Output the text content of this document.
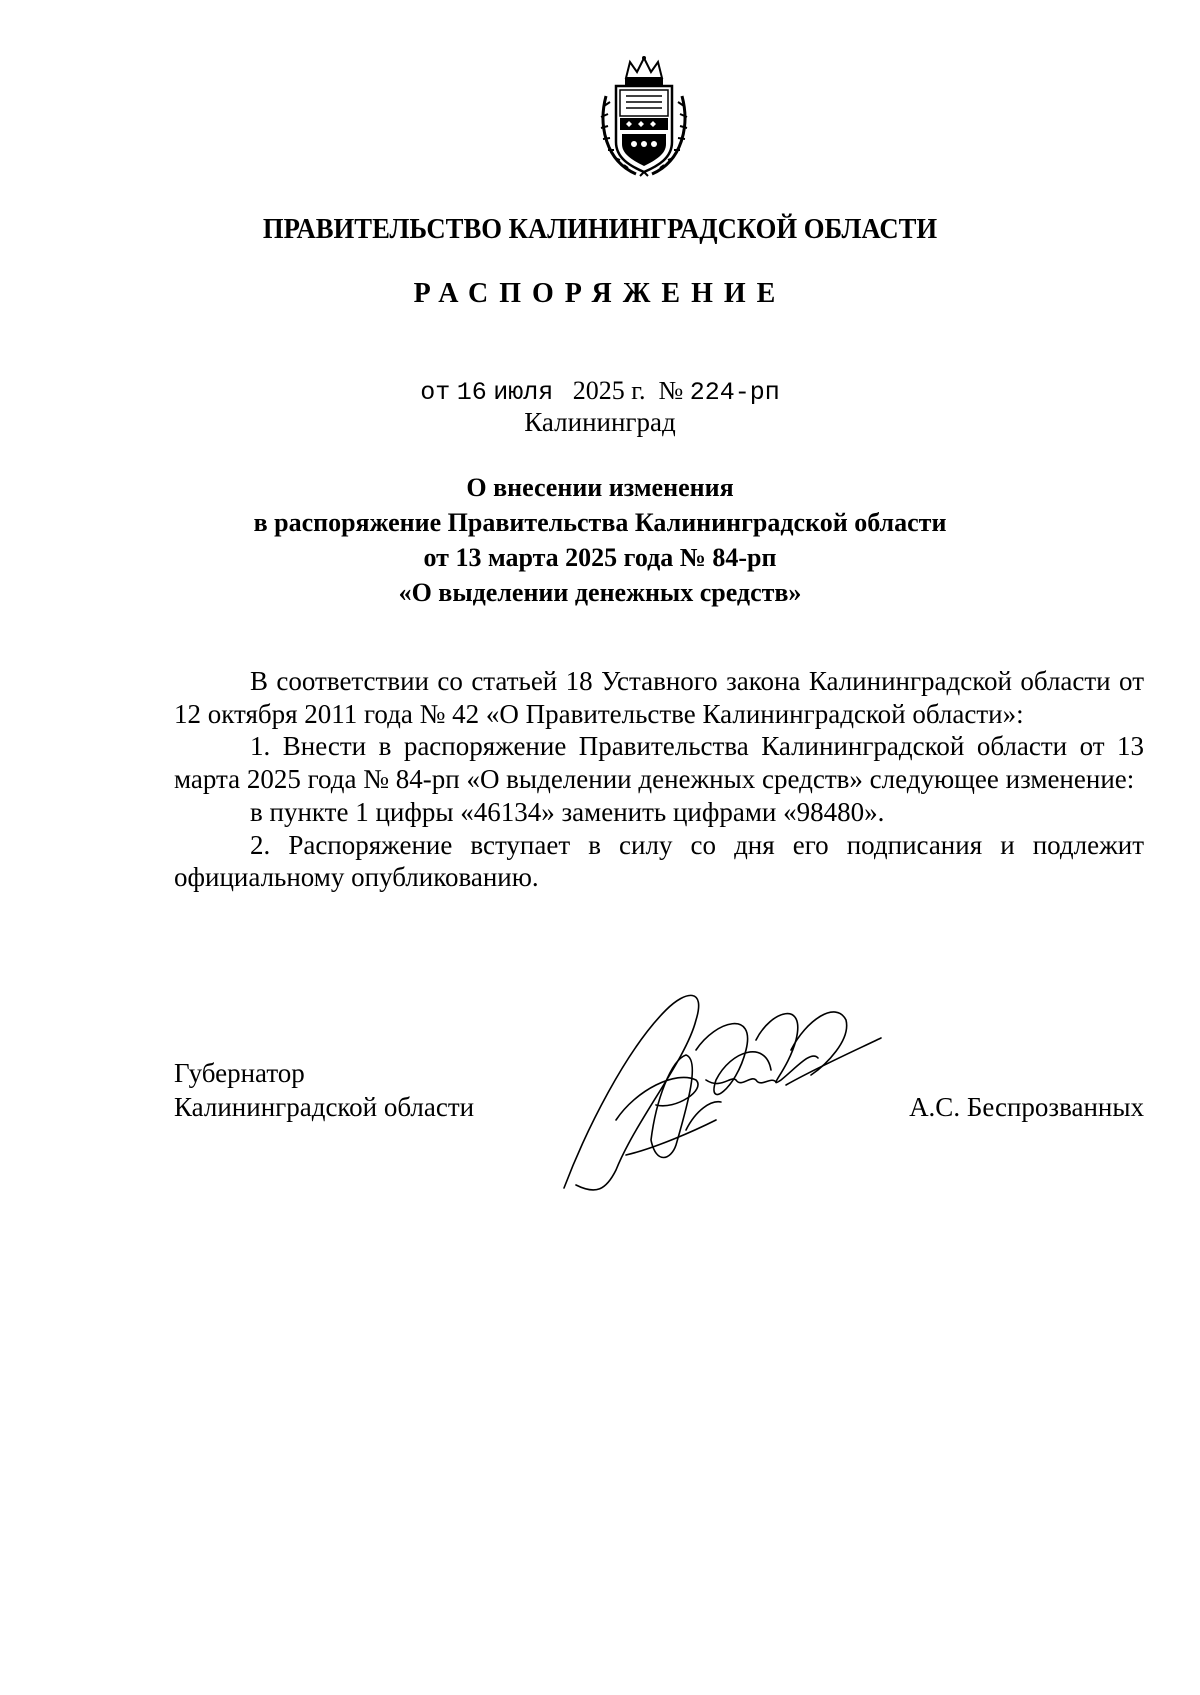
ПРАВИТЕЛЬСТВО КАЛИНИНГРАДСКОЙ ОБЛАСТИ
РАСПОРЯЖЕНИЕ
от 16 июля 2025 г. № 224-рп
Калининград
О внесении изменения
в распоряжение Правительства Калининградской области
от 13 марта 2025 года № 84-рп
«О выделении денежных средств»

В соответствии со статьей 18 Уставного закона Калининградской области от 12 октября 2011 года № 42 «О Правительстве Калининградской области»:

1. Внести в распоряжение Правительства Калининградской области от 13 марта 2025 года № 84-рп «О выделении денежных средств» следующее изменение:

в пункте 1 цифры «46134» заменить цифрами «98480».

2. Распоряжение вступает в силу со дня его подписания и подлежит официальному опубликованию.

Губернатор
Калининградской области	А.С. Беспрозванных
